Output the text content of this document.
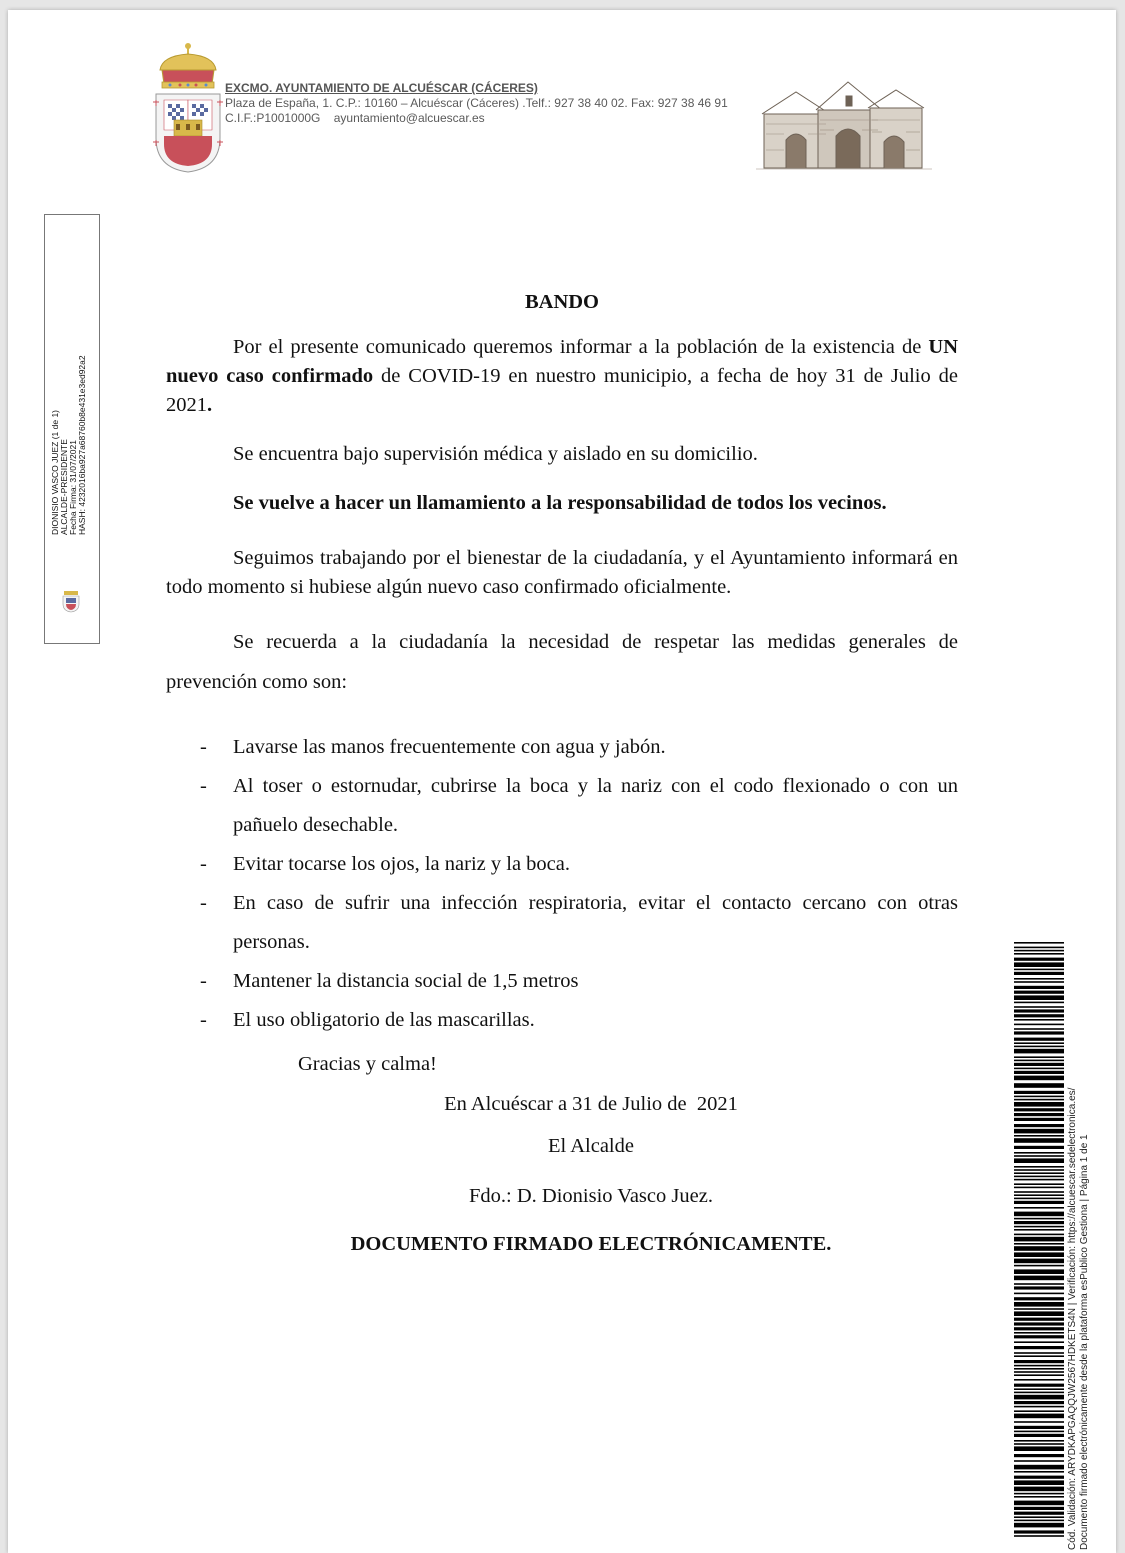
EXCMO. AYUNTAMIENTO DE ALCUÉSCAR (CÁCERES)
Plaza de España, 1. C.P.: 10160 – Alcuéscar (Cáceres) .Telf.: 927 38 40 02. Fax: 927 38 46 91
C.I.F.:P1001000G    ayuntamiento@alcuescar.es
DIONISIO VASCO JUEZ (1 de 1) ALCALDE-PRESIDENTE Fecha Firma: 31/07/2021 HASH: 4232016ba927a68760b8e431e3ed92a2
BANDO

Por el presente comunicado queremos informar a la población de la existencia de UN nuevo caso confirmado de COVID-19 en nuestro municipio, a fecha de hoy 31 de Julio de 2021.

Se encuentra bajo supervisión médica y aislado en su domicilio.

Se vuelve a hacer un llamamiento a la responsabilidad de todos los vecinos.

Seguimos trabajando por el bienestar de la ciudadanía, y el Ayuntamiento informará en todo momento si hubiese algún nuevo caso confirmado oficialmente.

Se recuerda a la ciudadanía la necesidad de respetar las medidas generales de prevención como son:

- Lavarse las manos frecuentemente con agua y jabón.
- Al toser o estornudar, cubrirse la boca y la nariz con el codo flexionado o con un pañuelo desechable.
- Evitar tocarse los ojos, la nariz y la boca.
- En caso de sufrir una infección respiratoria, evitar el contacto cercano con otras personas.
- Mantener la distancia social de 1,5 metros
- El uso obligatorio de las mascarillas.
Gracias y calma!
En Alcuéscar a 31 de Julio de  2021
El Alcalde
Fdo.: D. Dionisio Vasco Juez.
DOCUMENTO FIRMADO ELECTRÓNICAMENTE.	Cód. Validación: ARYDKAPGAQQJW2567HDKETS4N | Verificación: https://alcuescar.sedelectronica.es/ Documento firmado electrónicamente desde la plataforma esPublico Gestiona | Página 1 de 1
